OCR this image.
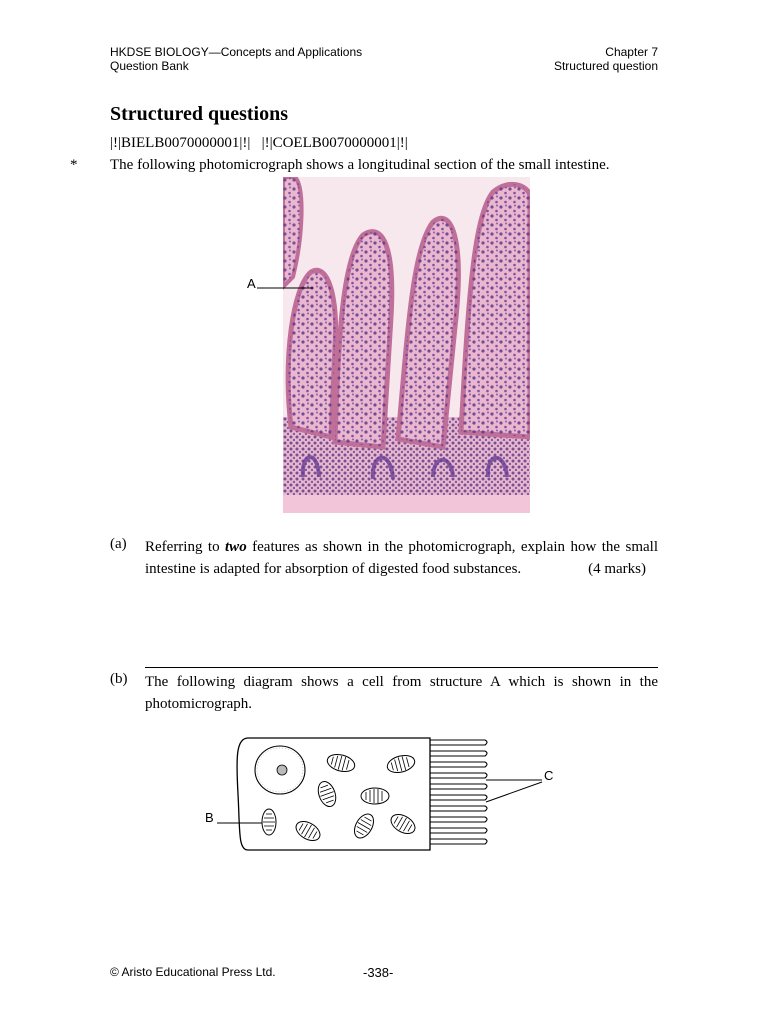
HKDSE BIOLOGY—Concepts and Applications
Question Bank
Chapter 7
Structured question
Structured questions
|!|BIELB0070000001|!|   |!|COELB0070000001|!|
* The following photomicrograph shows a longitudinal section of the small intestine.
A
(a) Referring to two features as shown in the photomicrograph, explain how the small intestine is adapted for absorption of digested food substances.	(4 marks)
(b) The following diagram shows a cell from structure A which is shown in the photomicrograph.
B
C
© Aristo Educational Press Ltd.	-338-
